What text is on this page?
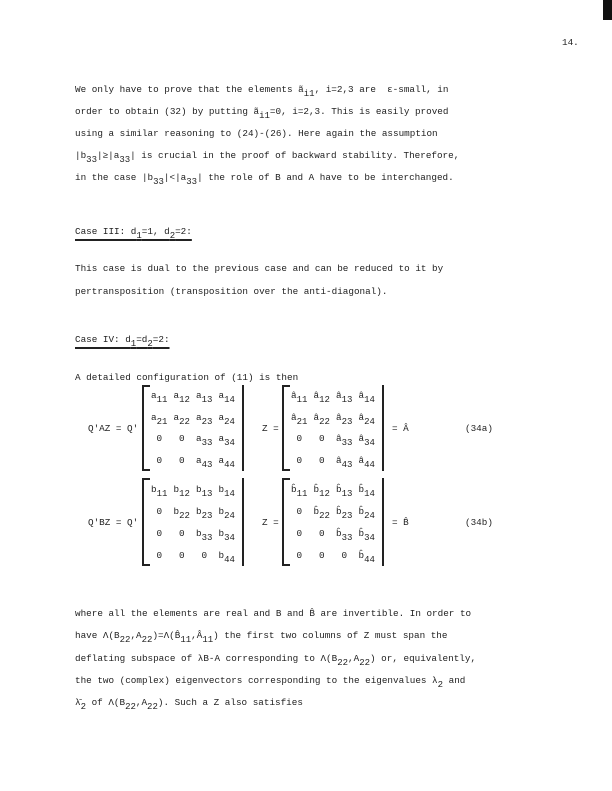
14.
We only have to prove that the elements $ã_{i1}$, i=2,3 are  ε-small, in
order to obtain (32) by putting $ã_{i1}=0$, i=2,3. This is easily proved
using a similar reasoning to (24)-(26). Here again the assumption
$|b_{33}|\ge|a_{33}|$ is crucial in the proof of backward stability. Therefore,
in the case $|b_{33}|<|a_{33}|$ the role of B and A have to be interchanged.
Case III: $d_1=1$, $d_2=2$:
This case is dual to the previous case and can be reduced to it by
pertransposition (transposition over the anti-diagonal).
Case IV: $d_1=d_2=2$:
A detailed configuration of (11) is then
Q'AZ = Q'
$a_{11}$ $a_{12}$ $a_{13}$ $a_{14}$
$a_{21}$ $a_{22}$ $a_{23}$ $a_{24}$
0	0	$a_{33}$ $a_{34}$
0	0	$a_{43}$ $a_{44}$
Z =
$â_{11}$ $â_{12}$ $â_{13}$ $â_{14}$
$â_{21}$ $â_{22}$ $â_{23}$ $â_{24}$
0	0	$â_{33}$ $â_{34}$
0	0	$â_{43}$ $â_{44}$
= Â	(34a)
Q'BZ = Q'
$b_{11}$ $b_{12}$ $b_{13}$ $b_{14}$
0	$b_{22}$ $b_{23}$ $b_{24}$
0	0	$b_{33}$ $b_{34}$
0	0	0	$b_{44}$
Z =
$b̂_{11}$ $b̂_{12}$ $b̂_{13}$ $b̂_{14}$
0	$b̂_{22}$ $b̂_{23}$ $b̂_{24}$
0	0	$b̂_{33}$ $b̂_{34}$
0	0	0	$b̂_{44}$
= B̂	(34b)
where all the elements are real and B and B̂ are invertible. In order to
have $\Lambda(B_{22},A_{22})=\Lambda(B̂_{11},Â_{11})$ the first two columns of Z must span the
deflating subspace of λB-A corresponding to $\Lambda(B_{22},A_{22})$ or, equivalently,
the two (complex) eigenvectors corresponding to the eigenvalues $\lambda_2$ and
$\lambdā_2$ of $\Lambda(B_{22},A_{22})$. Such a Z also satisfies
